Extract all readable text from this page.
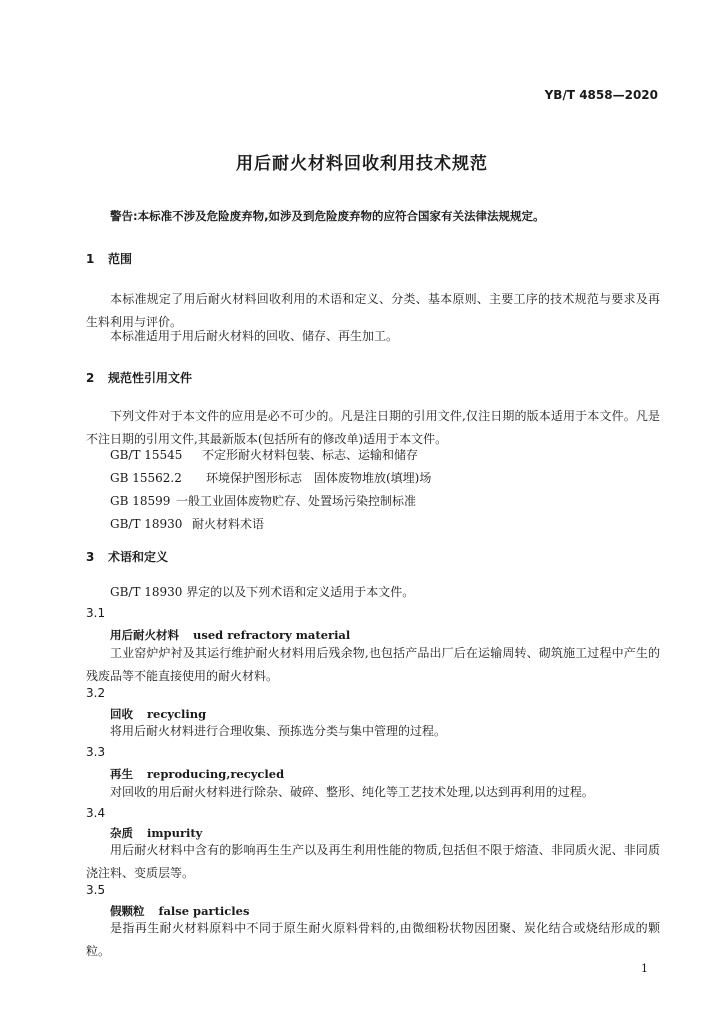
YB/T 4858—2020
用后耐火材料回收利用技术规范
警告:本标准不涉及危险废弃物,如涉及到危险废弃物的应符合国家有关法律法规规定。
1 范围
本标准规定了用后耐火材料回收利用的术语和定义、分类、基本原则、主要工序的技术规范与要求及再生料利用与评价。
本标准适用于用后耐火材料的回收、储存、再生加工。
2 规范性引用文件
下列文件对于本文件的应用是必不可少的。凡是注日期的引用文件,仅注日期的版本适用于本文件。凡是不注日期的引用文件,其最新版本(包括所有的修改单)适用于本文件。
GB/T 15545 不定形耐火材料包装、标志、运输和储存
GB 15562.2 环境保护图形标志　固体废物堆放(填埋)场
GB 18599 一般工业固体废物贮存、处置场污染控制标准
GB/T 18930 耐火材料术语
3 术语和定义
GB/T 18930 界定的以及下列术语和定义适用于本文件。
3.1
用后耐火材料 used refractory material
工业窑炉炉衬及其运行维护耐火材料用后残余物,也包括产品出厂后在运输周转、砌筑施工过程中产生的残废品等不能直接使用的耐火材料。
3.2
回收 recycling
将用后耐火材料进行合理收集、预拣选分类与集中管理的过程。
3.3
再生 reproducing,recycled
对回收的用后耐火材料进行除杂、破碎、整形、纯化等工艺技术处理,以达到再利用的过程。
3.4
杂质 impurity
用后耐火材料中含有的影响再生生产以及再生利用性能的物质,包括但不限于熔渣、非同质火泥、非同质浇注料、变质层等。
3.5
假颗粒 false particles
是指再生耐火材料原料中不同于原生耐火原料骨料的,由微细粉状物因团聚、炭化结合或烧结形成的颗粒。
1
